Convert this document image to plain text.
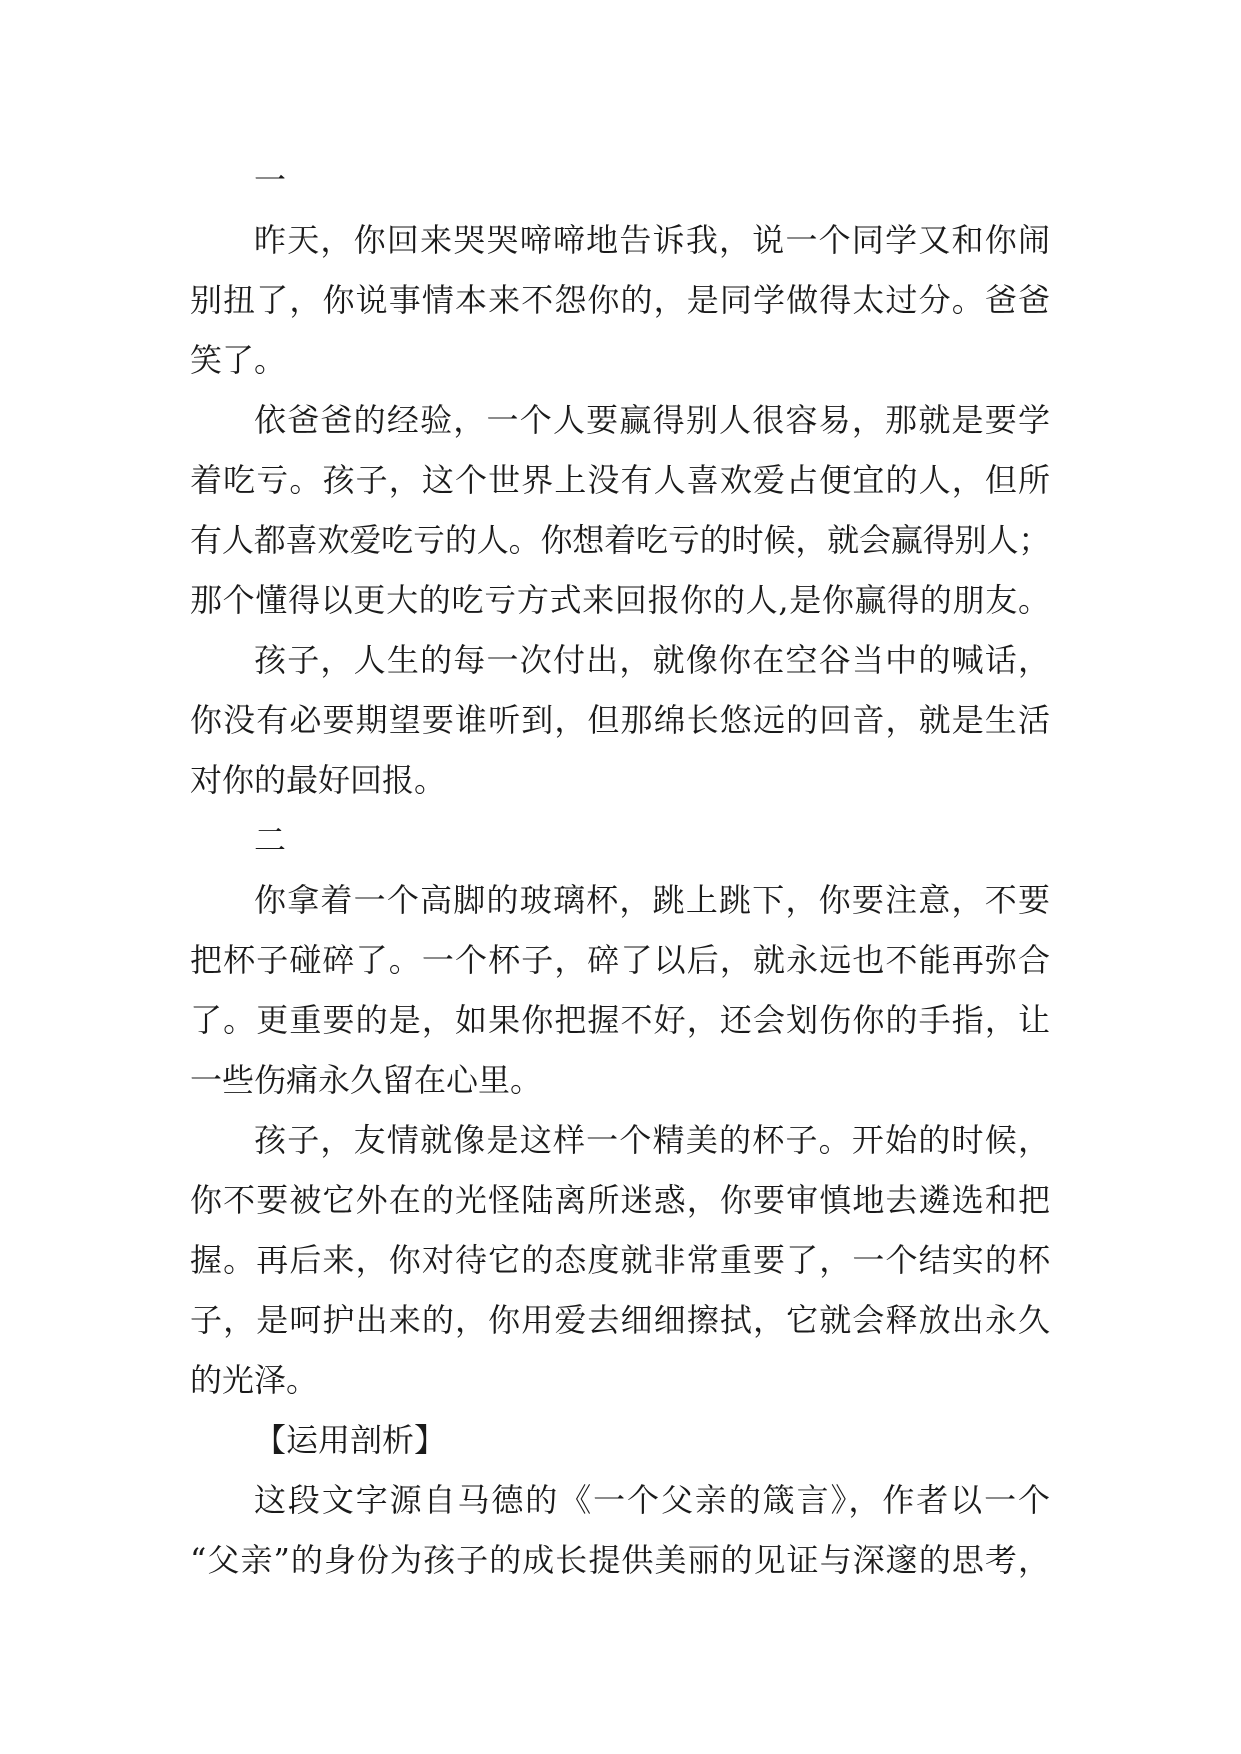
一
昨天，你回来哭哭啼啼地告诉我，说一个同学又和你闹
别扭了，你说事情本来不怨你的，是同学做得太过分。爸爸
笑了。
依爸爸的经验，一个人要赢得别人很容易，那就是要学
着吃亏。孩子，这个世界上没有人喜欢爱占便宜的人，但所
有人都喜欢爱吃亏的人。你想着吃亏的时候，就会赢得别人；
那个懂得以更大的吃亏方式来回报你的人,是你赢得的朋友。
孩子，人生的每一次付出，就像你在空谷当中的喊话，
你没有必要期望要谁听到，但那绵长悠远的回音，就是生活
对你的最好回报。
二
你拿着一个高脚的玻璃杯，跳上跳下，你要注意，不要
把杯子碰碎了。一个杯子，碎了以后，就永远也不能再弥合
了。更重要的是，如果你把握不好，还会划伤你的手指，让
一些伤痛永久留在心里。
孩子，友情就像是这样一个精美的杯子。开始的时候，
你不要被它外在的光怪陆离所迷惑，你要审慎地去遴选和把
握。再后来，你对待它的态度就非常重要了，一个结实的杯
子，是呵护出来的，你用爱去细细擦拭，它就会释放出永久
的光泽。
【运用剖析】
这段文字源自马德的《一个父亲的箴言》，作者以一个
“父亲”的身份为孩子的成长提供美丽的见证与深邃的思考，
